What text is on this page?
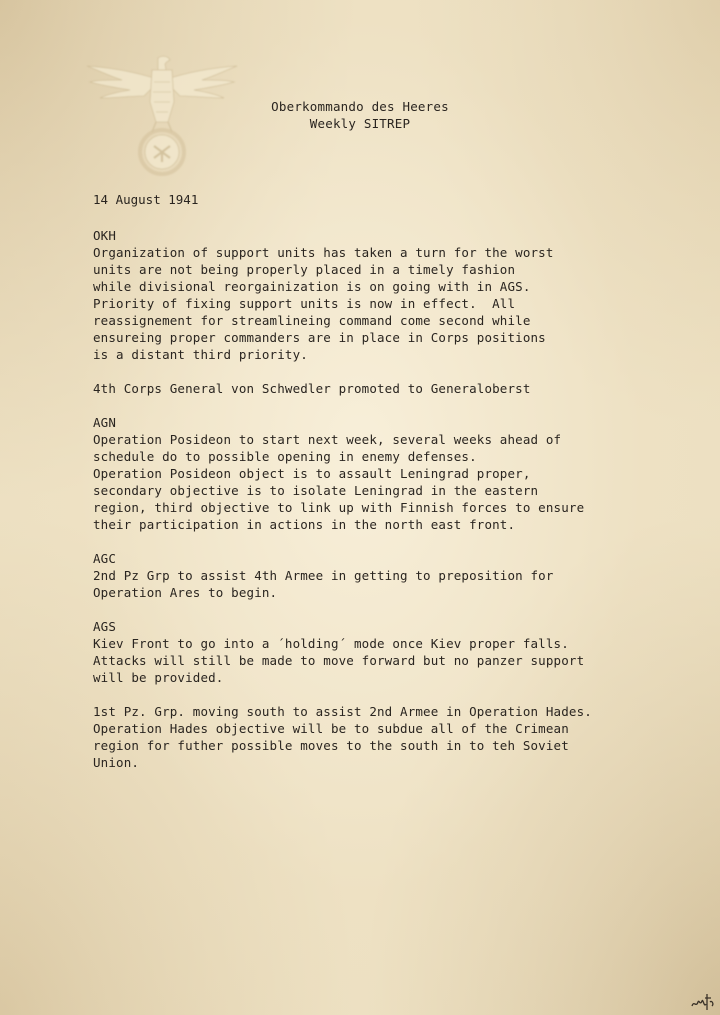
Oberkommando des Heeres
Weekly SITREP
14 August 1941
OKH
Organization of support units has taken a turn for the worst
units are not being properly placed in a timely fashion
while divisional reorgainization is on going with in AGS.
Priority of fixing support units is now in effect.  All
reassignement for streamlineing command come second while
ensureing proper commanders are in place in Corps positions
is a distant third priority.
4th Corps General von Schwedler promoted to Generaloberst
AGN
Operation Posideon to start next week, several weeks ahead of
schedule do to possible opening in enemy defenses.
Operation Posideon object is to assault Leningrad proper,
secondary objective is to isolate Leningrad in the eastern
region, third objective to link up with Finnish forces to ensure
their participation in actions in the north east front.
AGC
2nd Pz Grp to assist 4th Armee in getting to preposition for
Operation Ares to begin.
AGS
Kiev Front to go into a ´holding´ mode once Kiev proper falls.
Attacks will still be made to move forward but no panzer support
will be provided.
1st Pz. Grp. moving south to assist 2nd Armee in Operation Hades.
Operation Hades objective will be to subdue all of the Crimean
region for futher possible moves to the south in to teh Soviet
Union.
